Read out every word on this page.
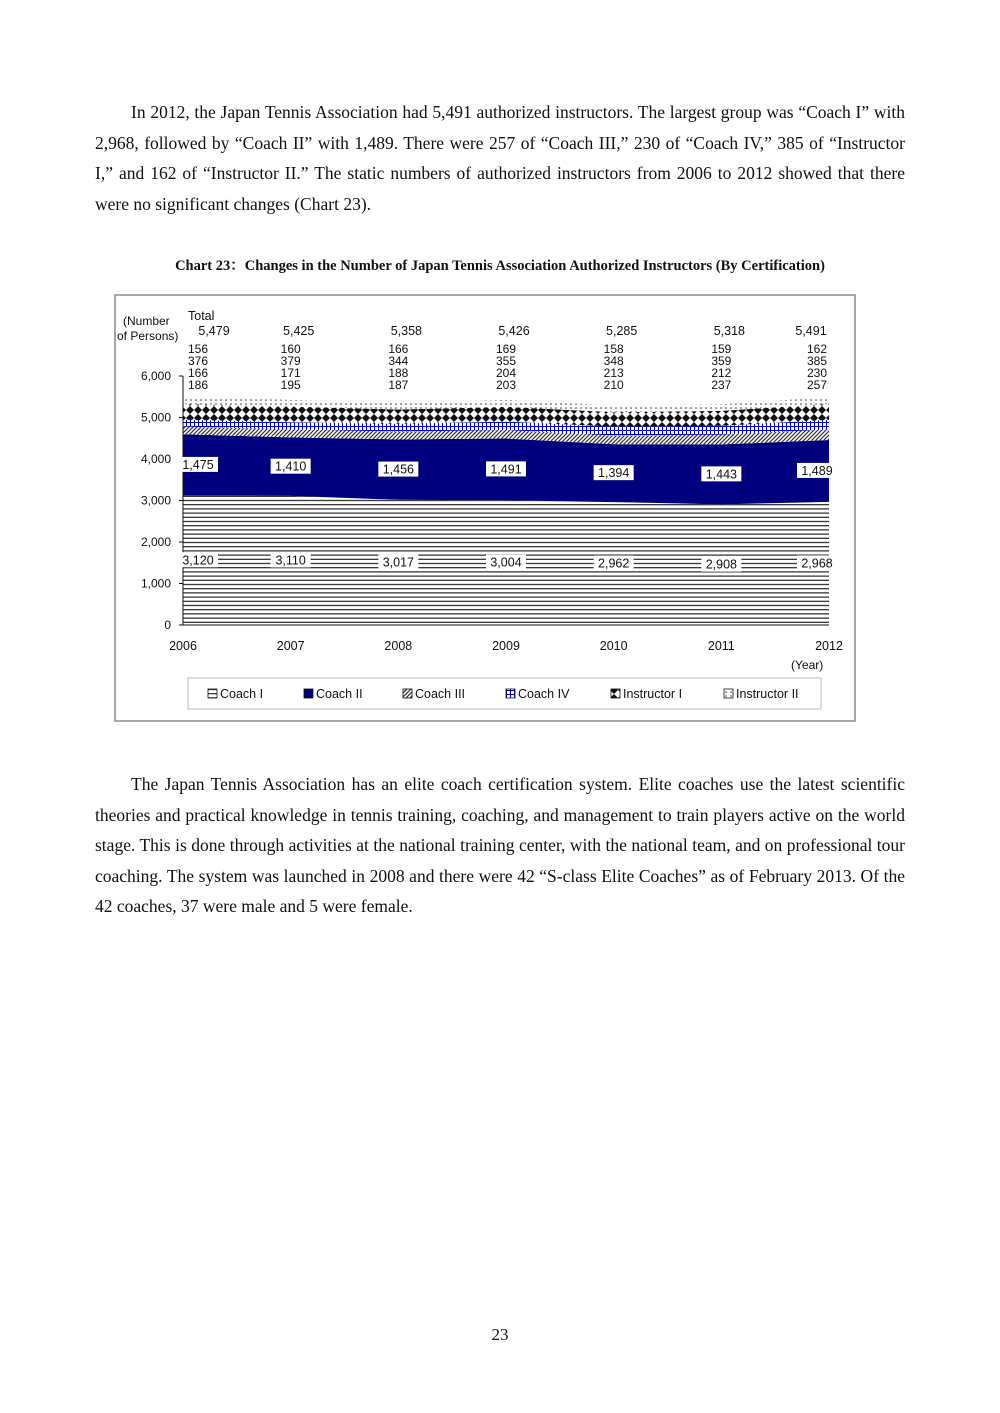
In 2012, the Japan Tennis Association had 5,491 authorized instructors. The largest group was “Coach I” with 2,968, followed by “Coach II” with 1,489. There were 257 of “Coach III,” 230 of “Coach IV,” 385 of “Instructor I,” and 162 of “Instructor II.” The static numbers of authorized instructors from 2006 to 2012 showed that there were no significant changes (Chart 23).

Chart 23：Changes in the Number of Japan Tennis Association Authorized Instructors (By Certification)
(Number
of Persons)
Total
0
1,000
2,000
3,000
4,000
5,000
6,000
2006	2007	2008	2009	2010	2011	2012
5,479	5,425	5,358	5,426	5,285	5,318	5,491
3,120	3,110	3,017	3,004	2,962	2,908	2,968
1,475	1,410	1,456	1,491	1,394	1,443	1,489
186	195	187	203	210	237	257
166	171	188	204	213	212	230
376	379	344	355	348	359	385
156	160	166	169	158	159	162
(Year)
Coach I	Coach II	Coach III	Coach IV	Instructor I	Instructor II

The Japan Tennis Association has an elite coach certification system. Elite coaches use the latest scientific theories and practical knowledge in tennis training, coaching, and management to train players active on the world stage. This is done through activities at the national training center, with the national team, and on professional tour coaching. The system was launched in 2008 and there were 42 “S-class Elite Coaches” as of February 2013. Of the 42 coaches, 37 were male and 5 were female.

23
